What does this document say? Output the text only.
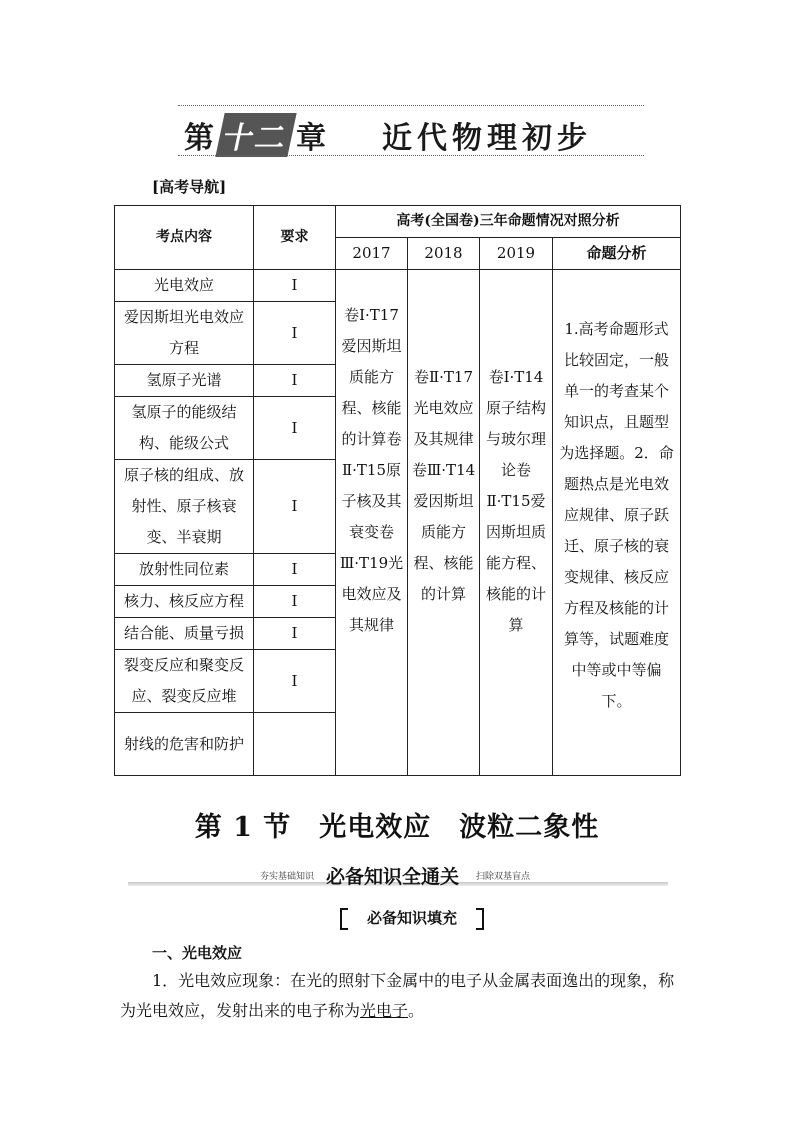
第 十二 章 近代物理初步
[高考导航]
考点内容	要求	高考(全国卷)三年命题情况对照分析			
		2017	2018	2019	命题分析
光电效应	Ⅰ	卷Ⅰ·T17爱因斯坦质能方程、核能的计算卷Ⅱ·T15原子核及其衰变卷Ⅲ·T19光电效应及其规律	卷Ⅱ·T17光电效应及其规律卷Ⅲ·T14爱因斯坦质能方程、核能的计算	卷Ⅰ·T14原子结构与玻尔理论卷Ⅱ·T15爱因斯坦质能方程、核能的计算	1.高考命题形式比较固定，一般单一的考查某个知识点，且题型为选择题。2．命题热点是光电效应规律、原子跃迁、原子核的衰变规律、核反应方程及核能的计算等，试题难度中等或中等偏下。
爱因斯坦光电效应方程	Ⅰ				
氢原子光谱	Ⅰ				
氢原子的能级结构、能级公式	Ⅰ				
原子核的组成、放射性、原子核衰变、半衰期	Ⅰ				
放射性同位素	Ⅰ				
核力、核反应方程	Ⅰ				
结合能、质量亏损	Ⅰ				
裂变反应和聚变反应、裂变反应堆	Ⅰ				
射线的危害和防护					
第 1 节 光电效应 波粒二象性
夯实基础知识 必备知识全通关 扫除双基盲点
必备知识填充
一、光电效应
1．光电效应现象：在光的照射下金属中的电子从金属表面逸出的现象，称为光电效应，发射出来的电子称为光电子。
